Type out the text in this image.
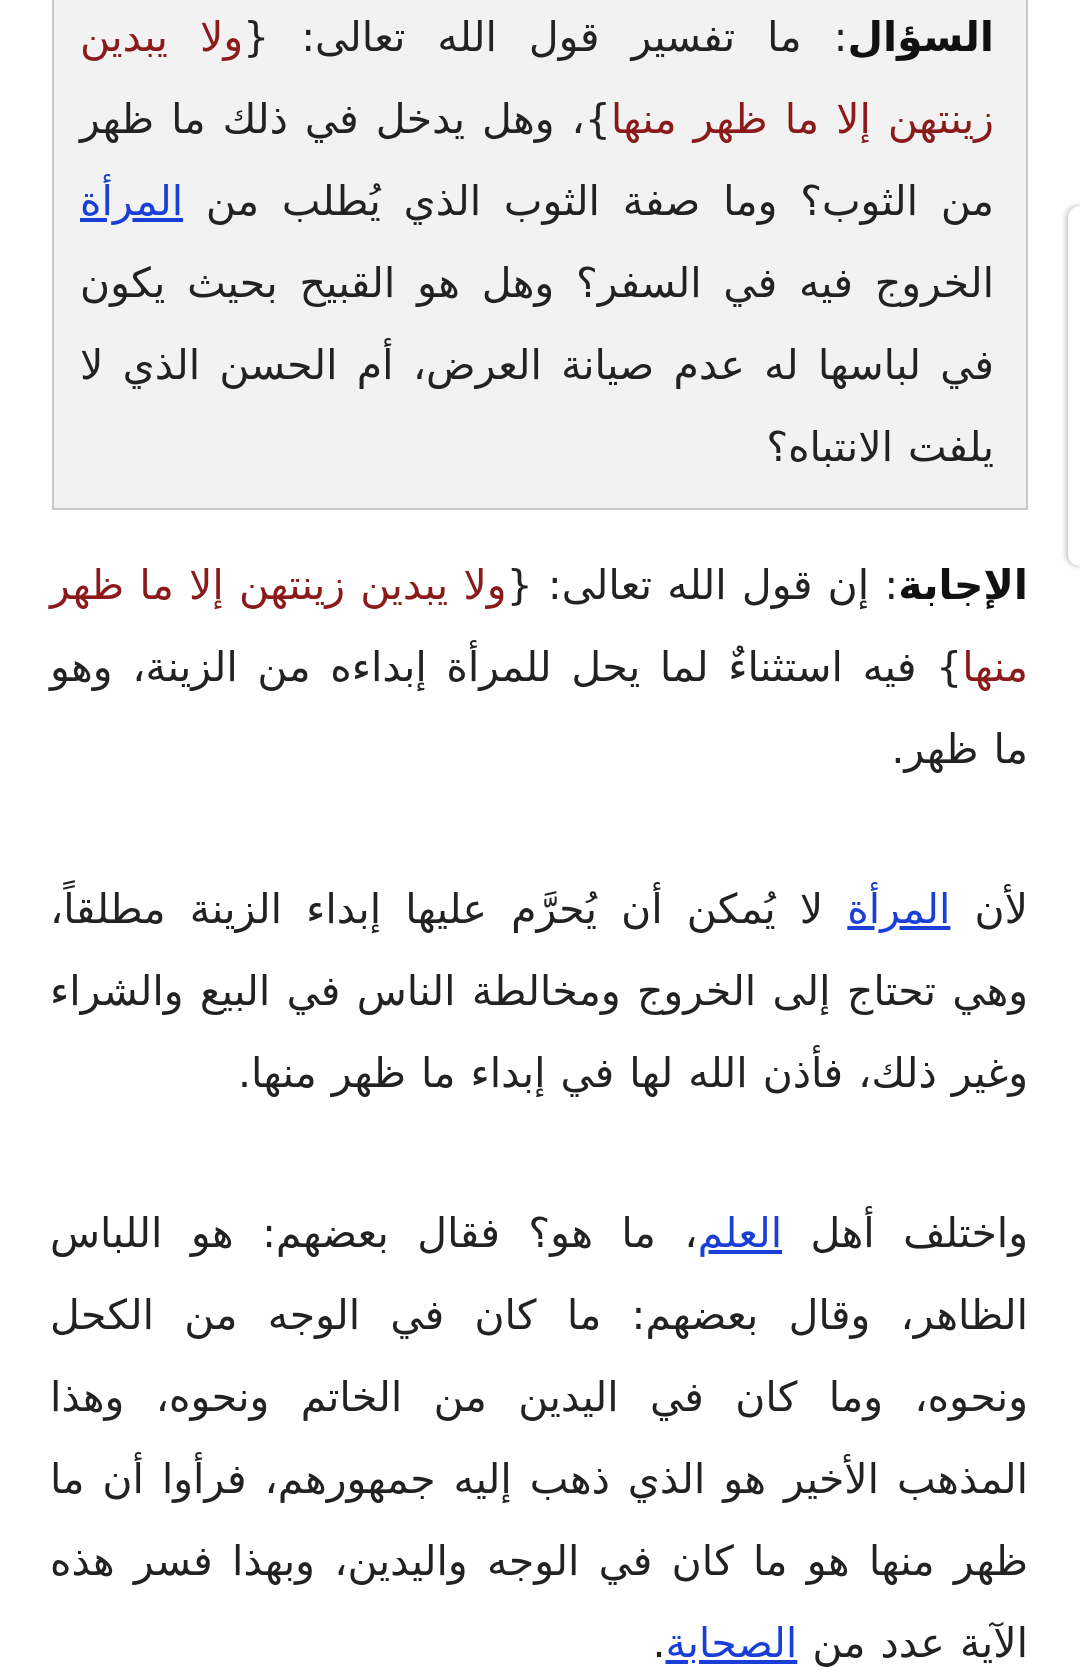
السؤال: ما تفسير قول الله تعالى: {ولا يبدين زينتهن إلا ما ظهر منها}، وهل يدخل في ذلك ما ظهر من الثوب؟ وما صفة الثوب الذي يُطلب من المرأة الخروج فيه في السفر؟ وهل هو القبيح بحيث يكون في لباسها له عدم صيانة العرض، أم الحسن الذي لا يلفت الانتباه؟

الإجابة: إن قول الله تعالى: {ولا يبدين زينتهن إلا ما ظهر منها} فيه استثناءٌ لما يحل للمرأة إبداءه من الزينة، وهو ما ظهر.

لأن المرأة لا يُمكن أن يُحرَّم عليها إبداء الزينة مطلقاً، وهي تحتاج إلى الخروج ومخالطة الناس في البيع والشراء وغير ذلك، فأذن الله لها في إبداء ما ظهر منها.

واختلف أهل العلم، ما هو؟ فقال بعضهم: هو اللباس الظاهر، وقال بعضهم: ما كان في الوجه من الكحل ونحوه، وما كان في اليدين من الخاتم ونحوه، وهذا المذهب الأخير هو الذي ذهب إليه جمهورهم، فرأوا أن ما ظهر منها هو ما كان في الوجه واليدين، وبهذا فسر هذه الآية عدد من الصحابة.
